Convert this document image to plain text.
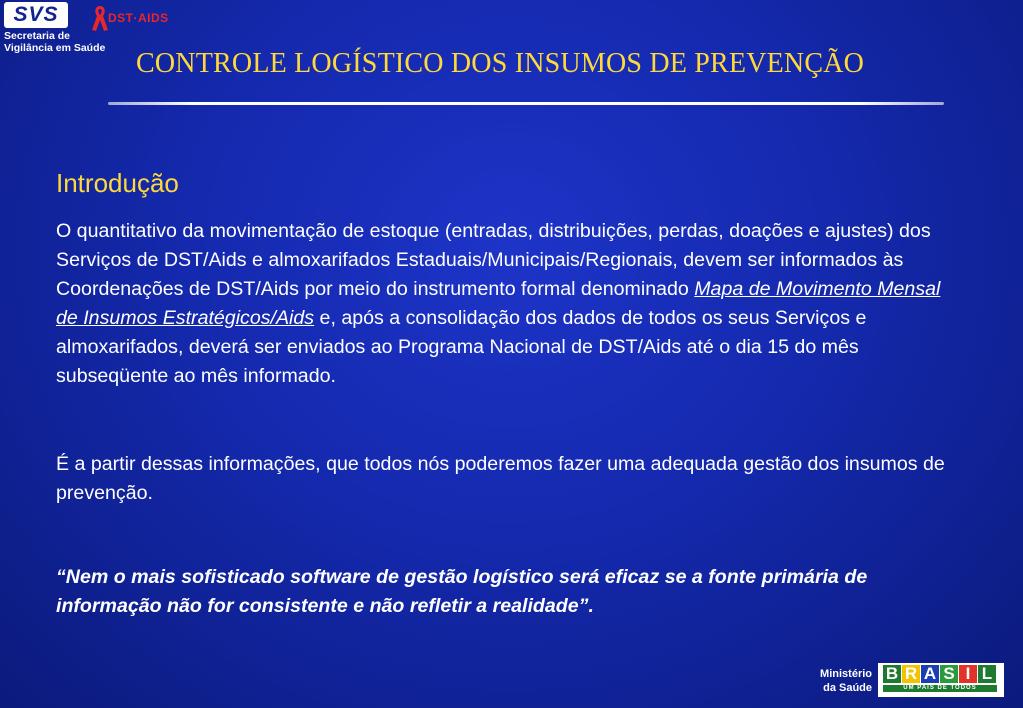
SVS
Secretaria de
Vigilância em Saúde
DST·AIDS
CONTROLE LOGÍSTICO DOS INSUMOS DE PREVENÇÃO
Introdução
O quantitativo da movimentação de estoque (entradas, distribuições, perdas, doações e ajustes) dos Serviços de DST/Aids e almoxarifados Estaduais/Municipais/Regionais, devem ser informados às Coordenações de DST/Aids por meio do instrumento formal denominado Mapa de Movimento Mensal de Insumos Estratégicos/Aids e, após a consolidação dos dados de todos os seus Serviços e almoxarifados, deverá ser enviados ao Programa Nacional de DST/Aids até o dia 15 do mês subseqüente ao mês informado.
É a partir dessas informações, que todos nós poderemos fazer uma adequada gestão dos insumos de prevenção.
“Nem o mais sofisticado software de gestão logístico será eficaz se a fonte primária de informação não for consistente e não refletir a realidade”.
Ministério
da Saúde
B R A S I L
UM PAÍS DE TODOS
